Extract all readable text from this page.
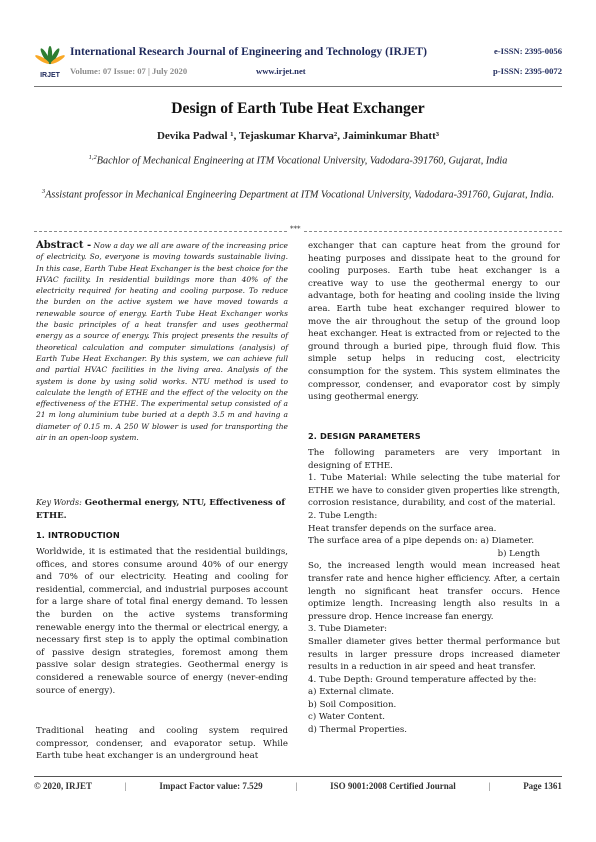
IRJET
International Research Journal of Engineering and Technology (IRJET)	e-ISSN: 2395-0056
Volume: 07 Issue: 07 | July 2020	www.irjet.net	p-ISSN: 2395-0072
Design of Earth Tube Heat Exchanger
Devika Padwal ¹, Tejaskumar Kharva², Jaiminkumar Bhatt³
$^{1,2}$Bachlor of Mechanical Engineering at ITM Vocational University, Vadodara-391760, Gujarat, India
$^3$Assistant professor in Mechanical Engineering Department at ITM Vocational University, Vadodara-391760, Gujarat, India.
***
Abstract - Now a day we all are aware of the increasing price of electricity. So, everyone is moving towards sustainable living. In this case, Earth Tube Heat Exchanger is the best choice for the HVAC facility. In residential buildings more than 40% of the electricity required for heating and cooling purpose. To reduce the burden on the active system we have moved towards a renewable source of energy. Earth Tube Heat Exchanger works the basic principles of a heat transfer and uses geothermal energy as a source of energy. This project presents the results of theoretical calculation and computer simulations (analysis) of Earth Tube Heat Exchanger. By this system, we can achieve full and partial HVAC facilities in the living area. Analysis of the system is done by using solid works. NTU method is used to calculate the length of ETHE and the effect of the velocity on the effectiveness of the ETHE. The experimental setup consisted of a 21 m long aluminium tube buried at a depth 3.5 m and having a diameter of 0.15 m. A 250 W blower is used for transporting the air in an open-loop system.
Key Words: Geothermal energy, NTU, Effectiveness of ETHE.
1. INTRODUCTION
Worldwide, it is estimated that the residential buildings, offices, and stores consume around 40% of our energy and 70% of our electricity. Heating and cooling for residential, commercial, and industrial purposes account for a large share of total final energy demand. To lessen the burden on the active systems transforming renewable energy into the thermal or electrical energy, a necessary first step is to apply the optimal combination of passive design strategies, foremost among them passive solar design strategies. Geothermal energy is considered a renewable source of energy (never-ending source of energy).
Traditional heating and cooling system required compressor, condenser, and evaporator setup. While Earth tube heat exchanger is an underground heat
exchanger that can capture heat from the ground for heating purposes and dissipate heat to the ground for cooling purposes. Earth tube heat exchanger is a creative way to use the geothermal energy to our advantage, both for heating and cooling inside the living area. Earth tube heat exchanger required blower to move the air throughout the setup of the ground loop heat exchanger. Heat is extracted from or rejected to the ground through a buried pipe, through fluid flow. This simple setup helps in reducing cost, electricity consumption for the system. This system eliminates the compressor, condenser, and evaporator cost by simply using geothermal energy.
2. DESIGN PARAMETERS
The following parameters are very important in designing of ETHE.
1. Tube Material: While selecting the tube material for ETHE we have to consider given properties like strength, corrosion resistance, durability, and cost of the material.
2. Tube Length:
Heat transfer depends on the surface area.
The surface area of a pipe depends on: a) Diameter.
b) Length
So, the increased length would mean increased heat transfer rate and hence higher efficiency. After, a certain length no significant heat transfer occurs. Hence optimize length. Increasing length also results in a pressure drop. Hence increase fan energy.
3. Tube Diameter:
Smaller diameter gives better thermal performance but results in larger pressure drops increased diameter results in a reduction in air speed and heat transfer.
4. Tube Depth: Ground temperature affected by the:
a) External climate.
b) Soil Composition.
c) Water Content.
d) Thermal Properties.
© 2020, IRJET	|	Impact Factor value: 7.529	|	ISO 9001:2008 Certified Journal	|	Page 1361
